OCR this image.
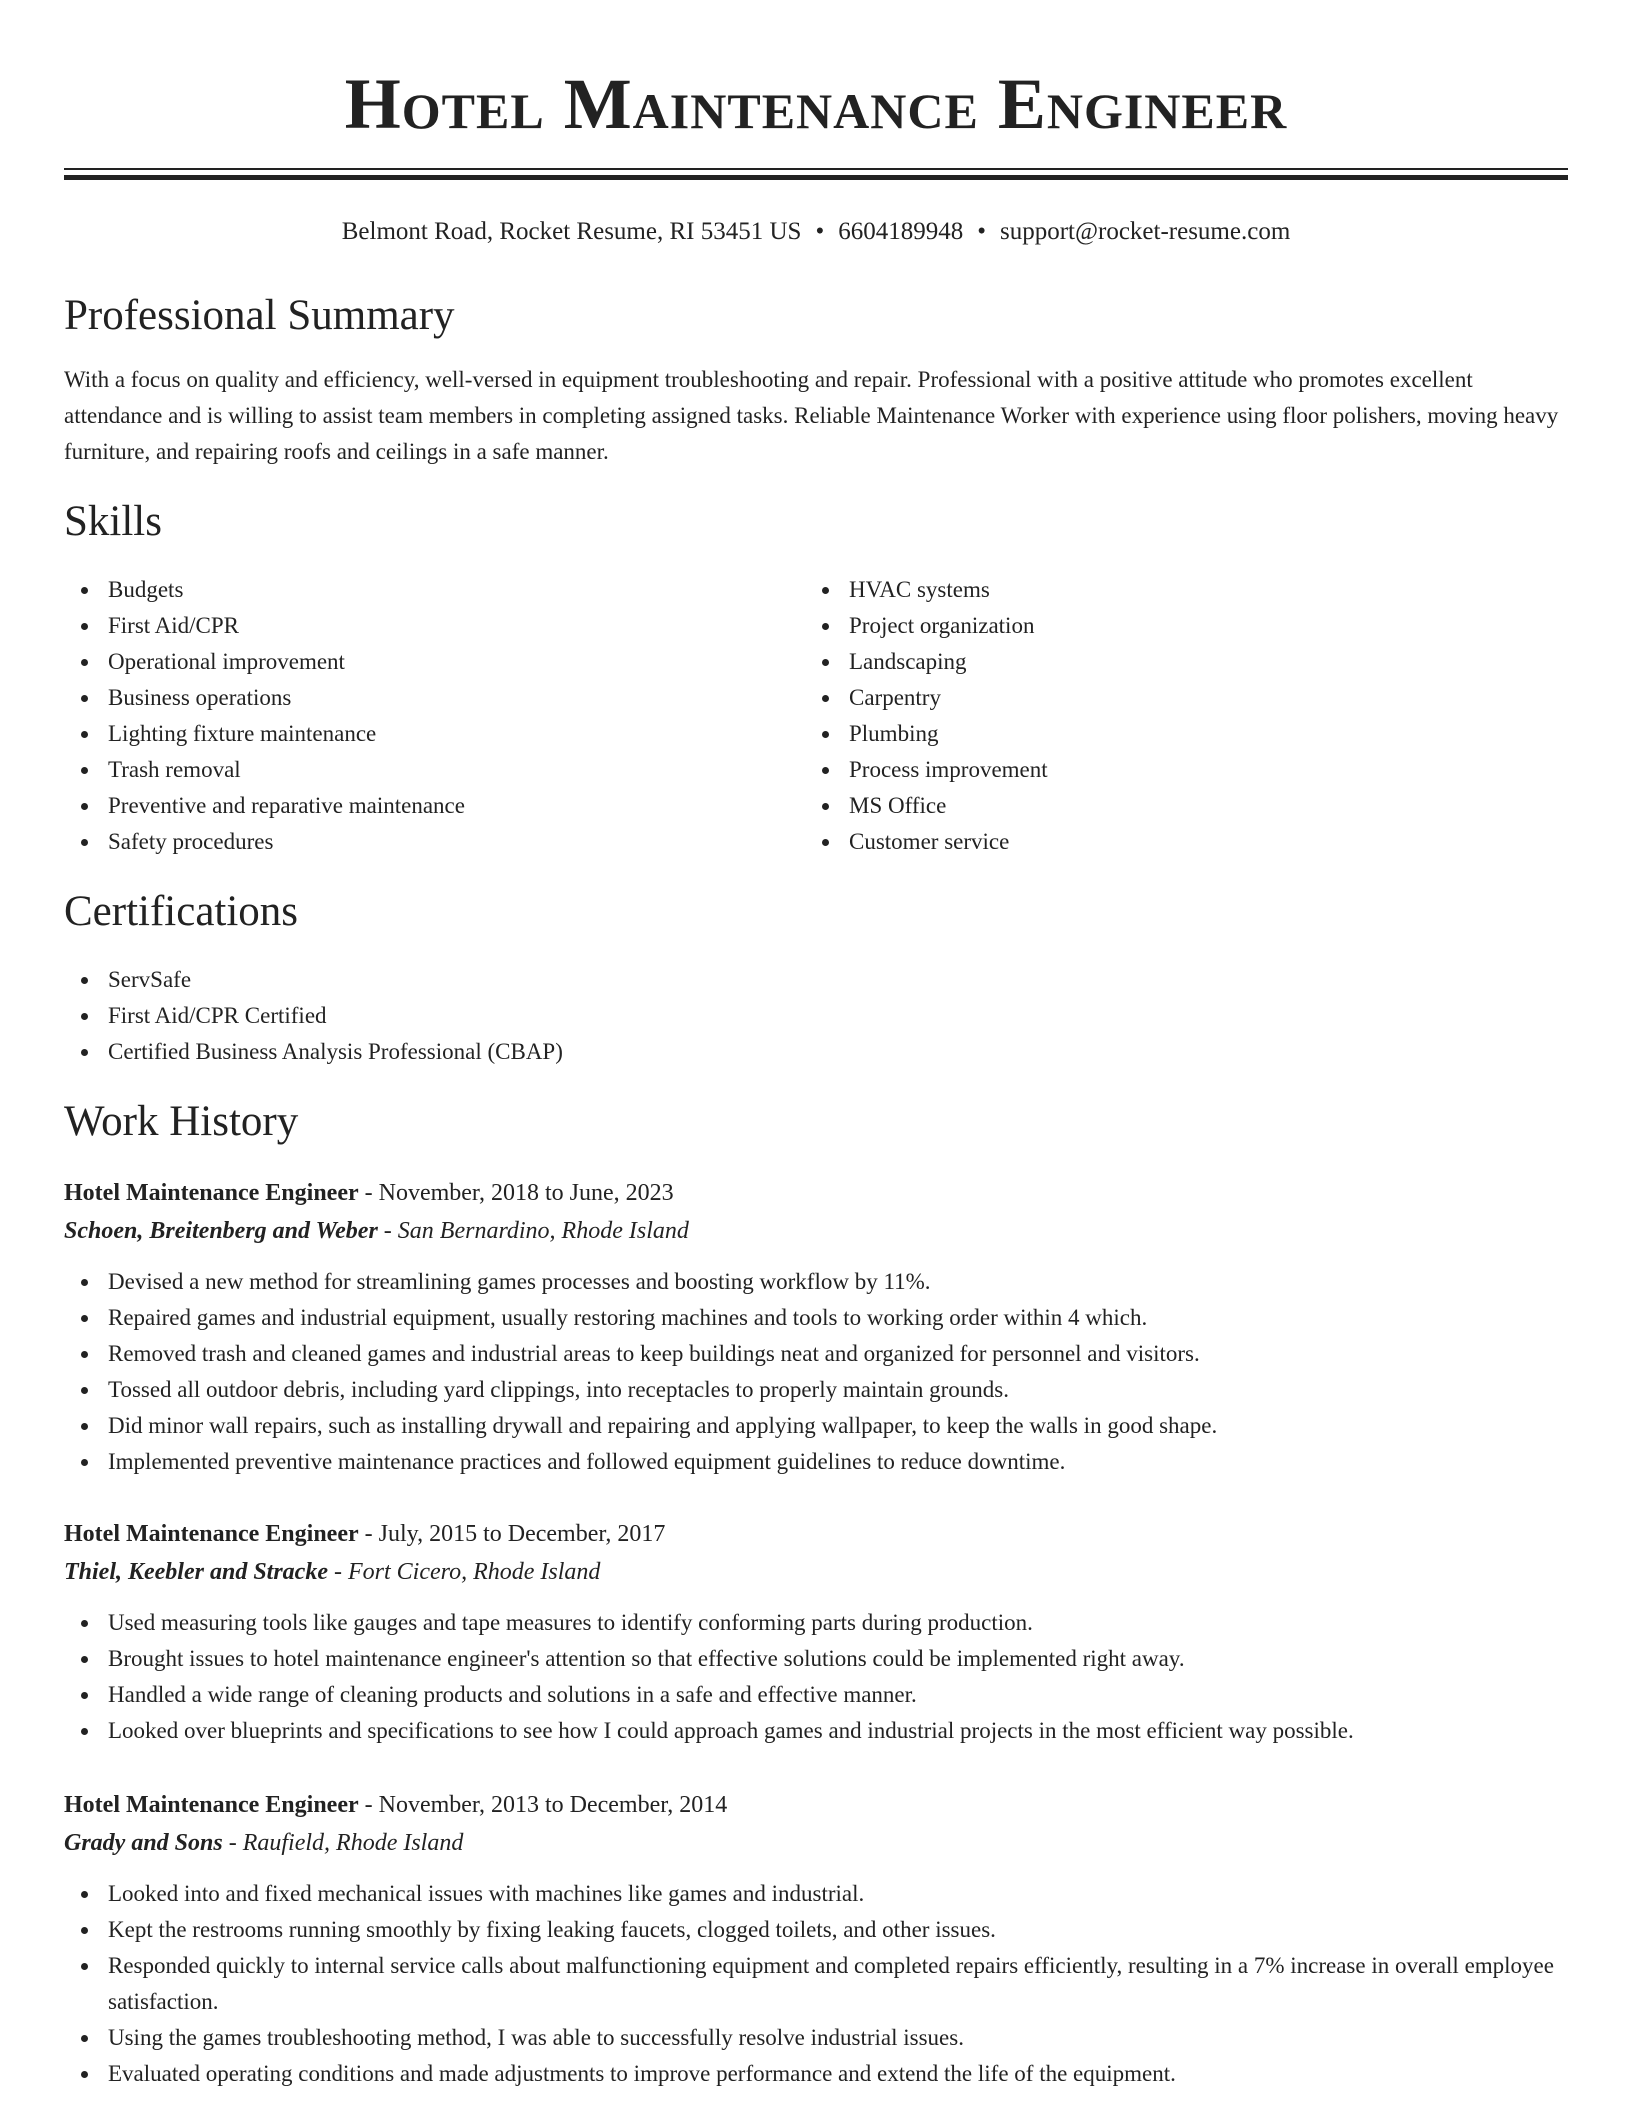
Hotel Maintenance Engineer
Belmont Road, Rocket Resume, RI 53451 US • 6604189948 • support@rocket-resume.com
Professional Summary

With a focus on quality and efficiency, well-versed in equipment troubleshooting and repair. Professional with a positive attitude who promotes excellent attendance and is willing to assist team members in completing assigned tasks. Reliable Maintenance Worker with experience using floor polishers, moving heavy furniture, and repairing roofs and ceilings in a safe manner.

Skills
Budgets
First Aid/CPR
Operational improvement
Business operations
Lighting fixture maintenance
Trash removal
Preventive and reparative maintenance
Safety procedures
HVAC systems
Project organization
Landscaping
Carpentry
Plumbing
Process improvement
MS Office
Customer service
Certifications
ServSafe
First Aid/CPR Certified
Certified Business Analysis Professional (CBAP)
Work History

Hotel Maintenance Engineer - November, 2018 to June, 2023

Schoen, Breitenberg and Weber - San Bernardino, Rhode Island

Devised a new method for streamlining games processes and boosting workflow by 11%.
Repaired games and industrial equipment, usually restoring machines and tools to working order within 4 which.
Removed trash and cleaned games and industrial areas to keep buildings neat and organized for personnel and visitors.
Tossed all outdoor debris, including yard clippings, into receptacles to properly maintain grounds.
Did minor wall repairs, such as installing drywall and repairing and applying wallpaper, to keep the walls in good shape.
Implemented preventive maintenance practices and followed equipment guidelines to reduce downtime.

Hotel Maintenance Engineer - July, 2015 to December, 2017

Thiel, Keebler and Stracke - Fort Cicero, Rhode Island

Used measuring tools like gauges and tape measures to identify conforming parts during production.
Brought issues to hotel maintenance engineer's attention so that effective solutions could be implemented right away.
Handled a wide range of cleaning products and solutions in a safe and effective manner.
Looked over blueprints and specifications to see how I could approach games and industrial projects in the most efficient way possible.

Hotel Maintenance Engineer - November, 2013 to December, 2014

Grady and Sons - Raufield, Rhode Island

Looked into and fixed mechanical issues with machines like games and industrial.
Kept the restrooms running smoothly by fixing leaking faucets, clogged toilets, and other issues.
Responded quickly to internal service calls about malfunctioning equipment and completed repairs efficiently, resulting in a 7% increase in overall employee satisfaction.
Using the games troubleshooting method, I was able to successfully resolve industrial issues.
Evaluated operating conditions and made adjustments to improve performance and extend the life of the equipment.
